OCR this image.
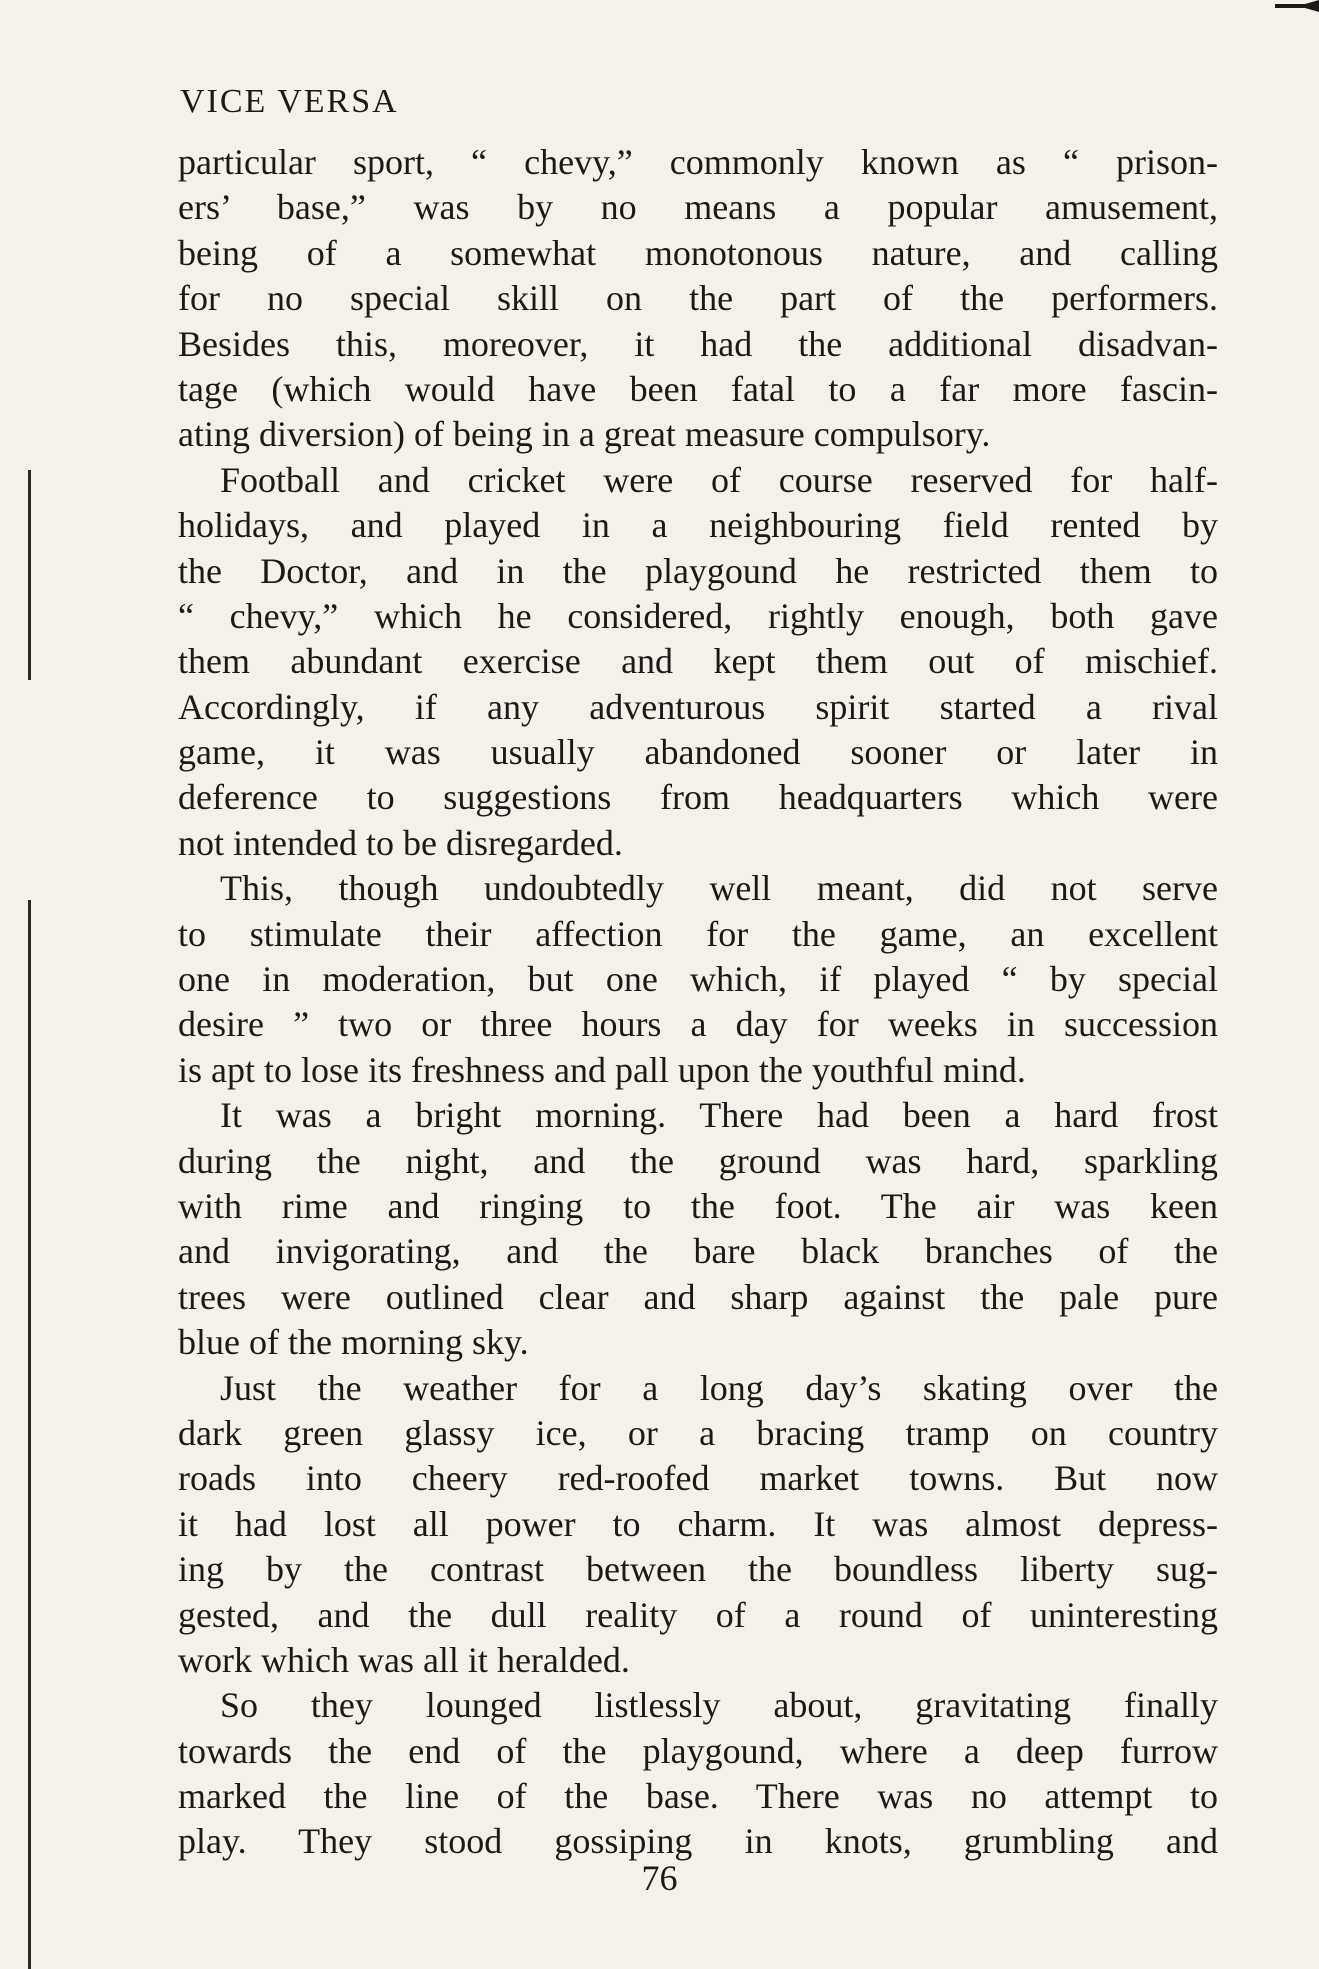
VICE VERSA
particular sport, “ chevy,” commonly known as “ prison-
ers’ base,” was by no means a popular amusement,
being of a somewhat monotonous nature, and calling
for no special skill on the part of the performers.
Besides this, moreover, it had the additional disadvan-
tage (which would have been fatal to a far more fascin-
ating diversion) of being in a great measure compulsory.
Football and cricket were of course reserved for half-
holidays, and played in a neighbouring field rented by
the Doctor, and in the playgound he restricted them to
“ chevy,” which he considered, rightly enough, both gave
them abundant exercise and kept them out of mischief.
Accordingly, if any adventurous spirit started a rival
game, it was usually abandoned sooner or later in
deference to suggestions from headquarters which were
not intended to be disregarded.
This, though undoubtedly well meant, did not serve
to stimulate their affection for the game, an excellent
one in moderation, but one which, if played “ by special
desire ” two or three hours a day for weeks in succession
is apt to lose its freshness and pall upon the youthful mind.
It was a bright morning. There had been a hard frost
during the night, and the ground was hard, sparkling
with rime and ringing to the foot. The air was keen
and invigorating, and the bare black branches of the
trees were outlined clear and sharp against the pale pure
blue of the morning sky.
Just the weather for a long day’s skating over the
dark green glassy ice, or a bracing tramp on country
roads into cheery red-roofed market towns. But now
it had lost all power to charm. It was almost depress-
ing by the contrast between the boundless liberty sug-
gested, and the dull reality of a round of uninteresting
work which was all it heralded.
So they lounged listlessly about, gravitating finally
towards the end of the playgound, where a deep furrow
marked the line of the base. There was no attempt to
play. They stood gossiping in knots, grumbling and
76
